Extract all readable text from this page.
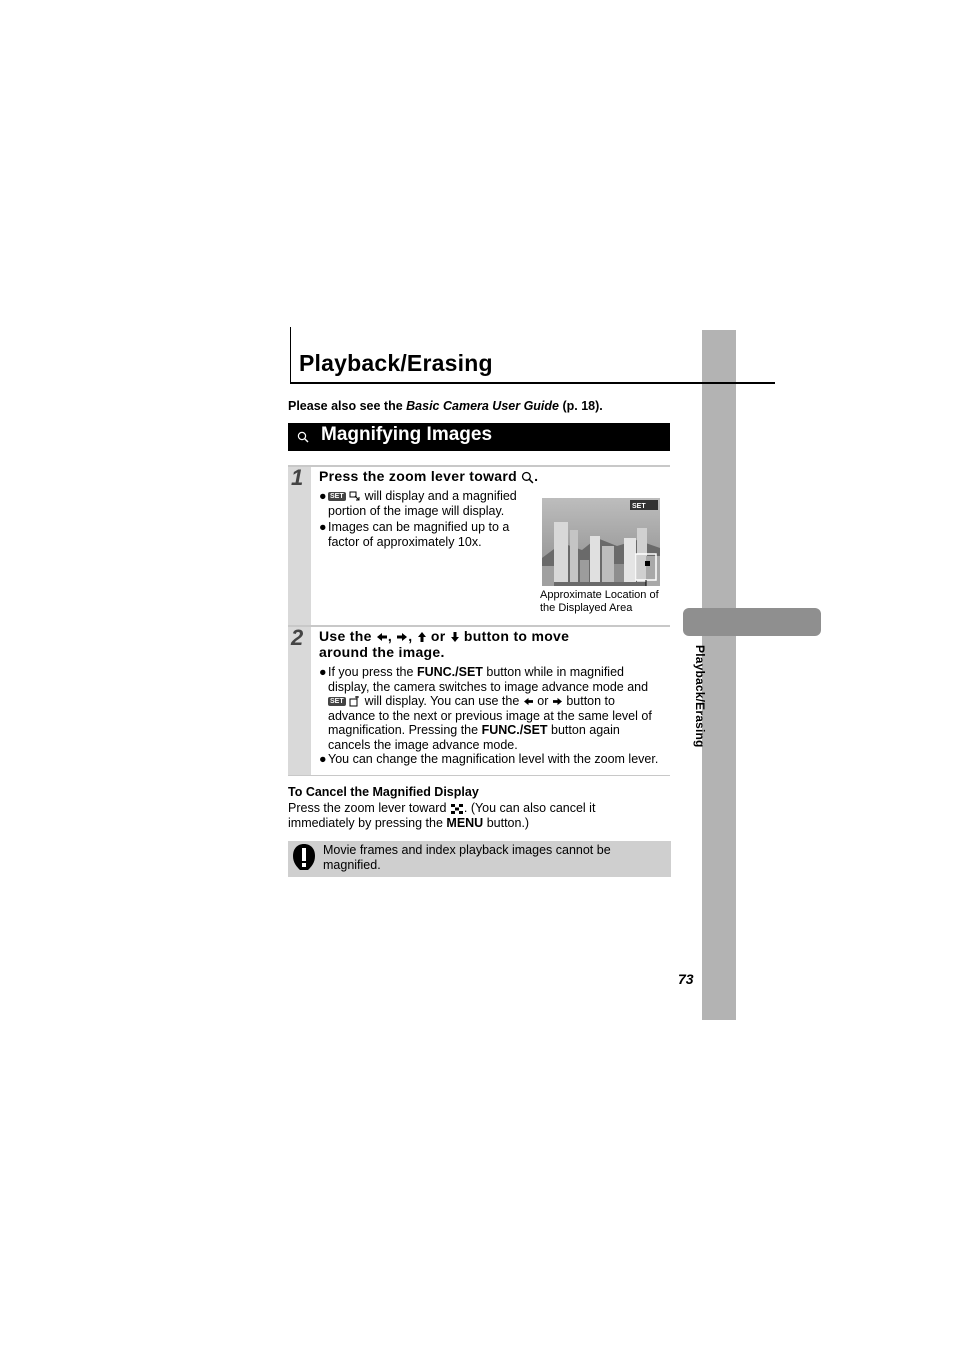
Playback/Erasing
Playback/Erasing
Please also see the Basic Camera User Guide (p. 18).
Magnifying Images
1 Press the zoom lever toward .
● SET will display and a magnified portion of the image will display.
● Images can be magnified up to a factor of approximately 10x.
SET
Approximate Location of
the Displayed Area
2 Use the , , or button to move
around the image.
● If you press the FUNC./SET button while in magnified display, the camera switches to image advance mode and SET  will display. You can use the  or  button to advance to the next or previous image at the same level of magnification. Pressing the FUNC./SET button again cancels the image advance mode.
● You can change the magnification level with the zoom lever.
To Cancel the Magnified Display
Press the zoom lever toward . (You can also cancel it immediately by pressing the MENU button.)
Movie frames and index playback images cannot be magnified.
73
